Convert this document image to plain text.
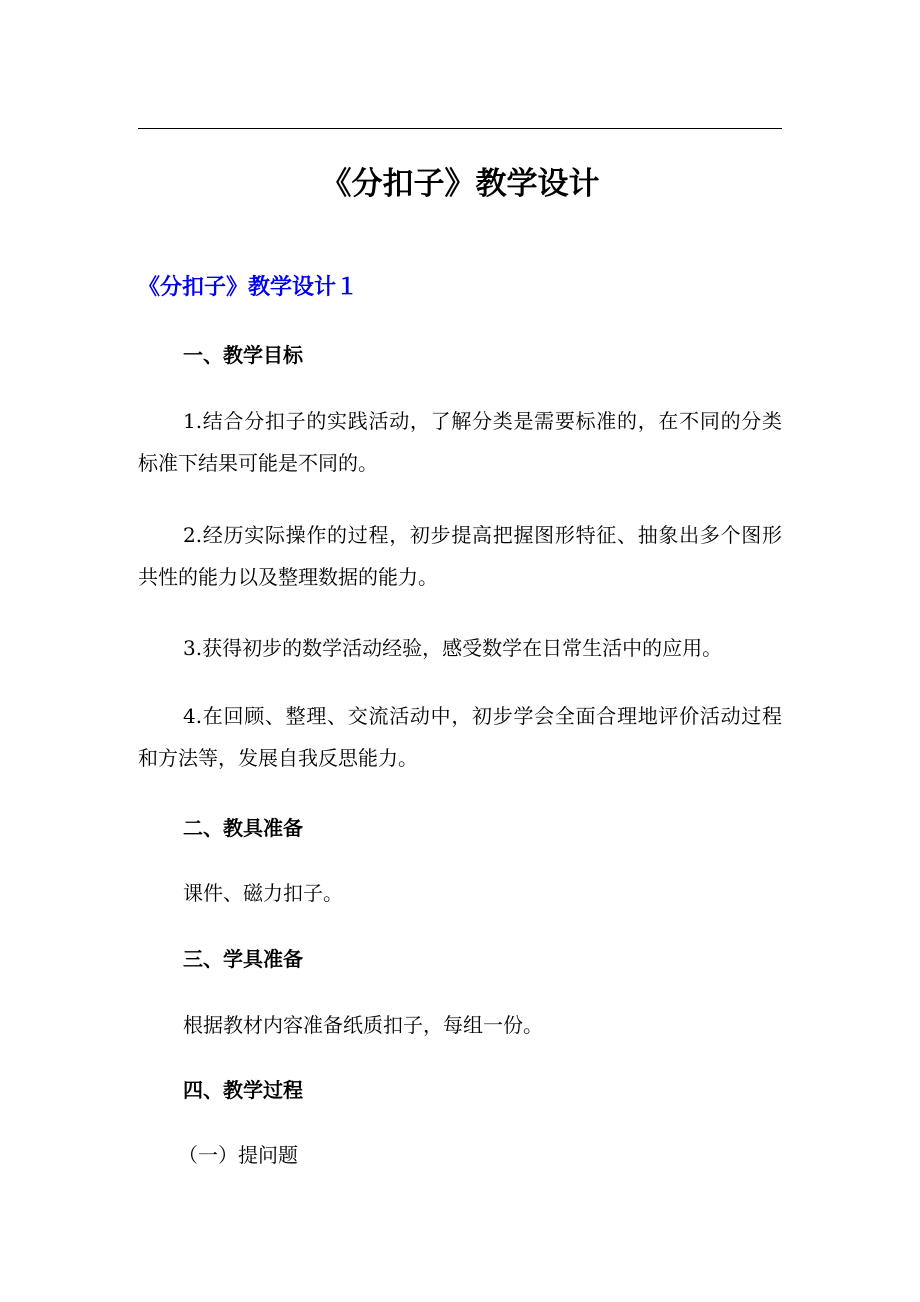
《分扣子》教学设计
《分扣子》教学设计１
一、教学目标

1.结合分扣子的实践活动，了解分类是需要标准的，在不同的分类标准下结果可能是不同的。

2.经历实际操作的过程，初步提高把握图形特征、抽象出多个图形共性的能力以及整理数据的能力。

3.获得初步的数学活动经验，感受数学在日常生活中的应用。

4.在回顾、整理、交流活动中，初步学会全面合理地评价活动过程和方法等，发展自我反思能力。

二、教具准备

课件、磁力扣子。

三、学具准备

根据教材内容准备纸质扣子，每组一份。

四、教学过程

（一）提问题
